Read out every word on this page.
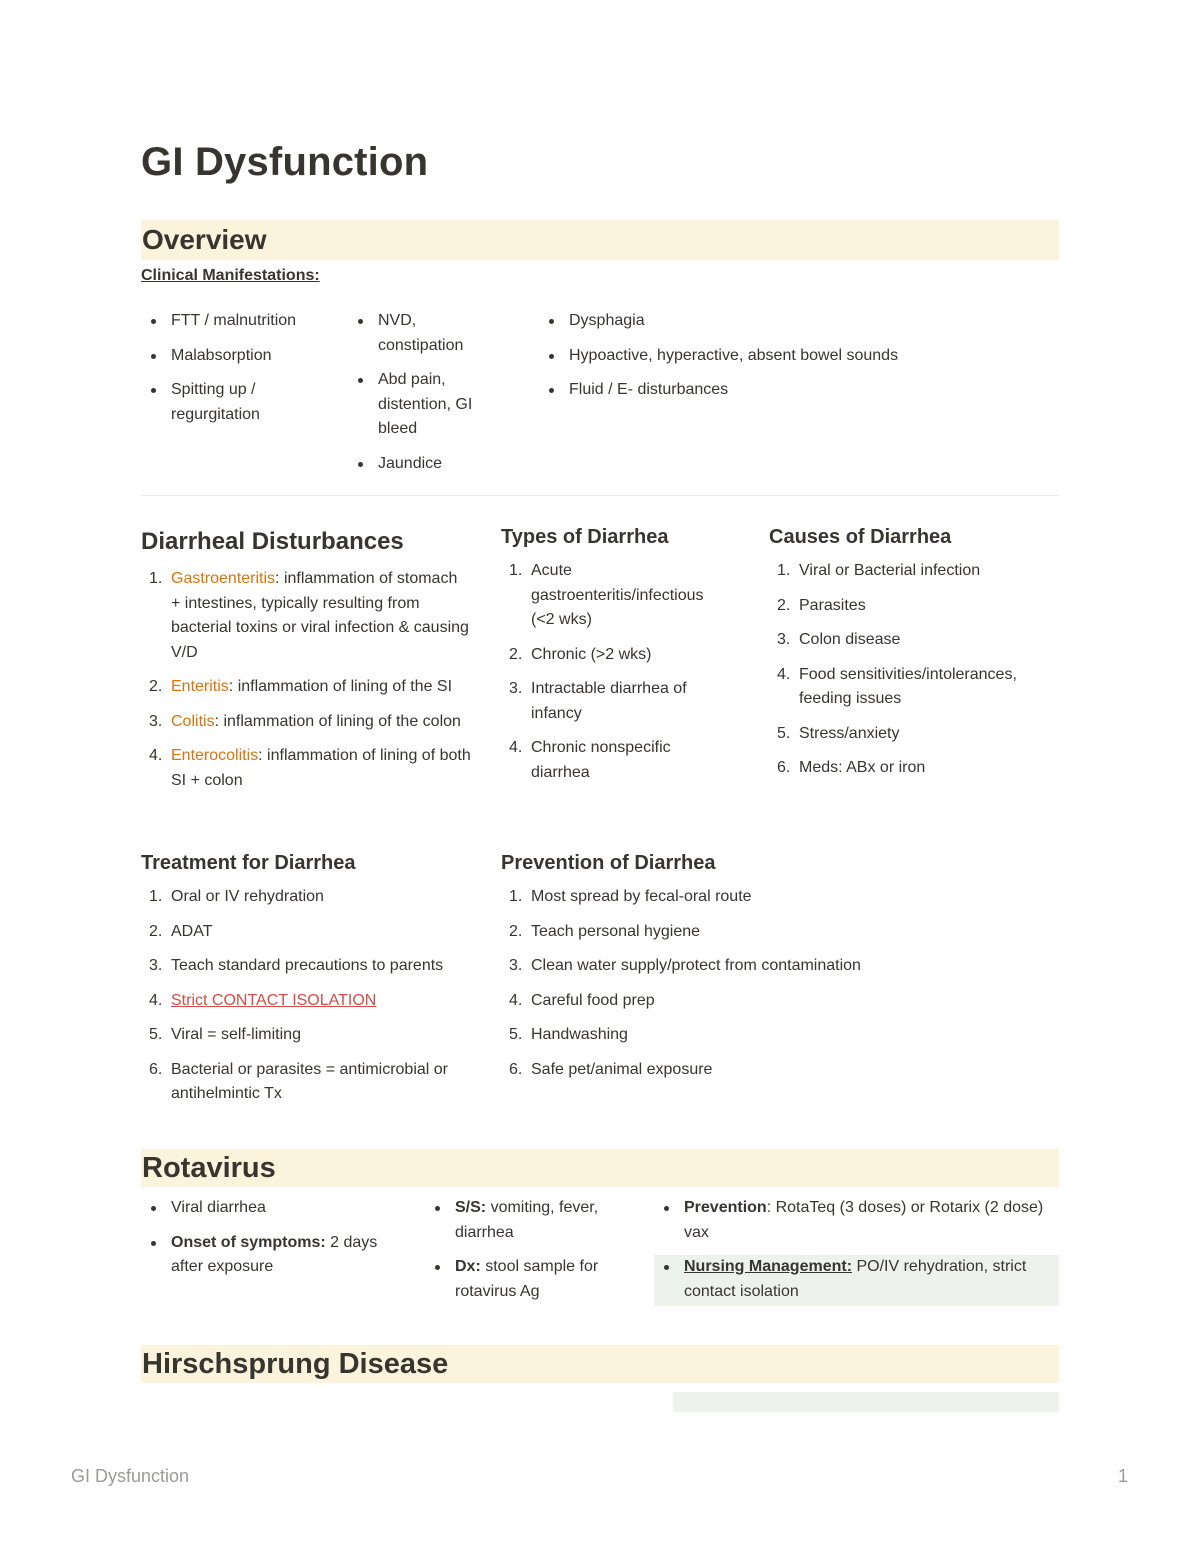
GI Dysfunction
Overview
Clinical Manifestations:
FTT / malnutrition
Malabsorption
Spitting up / regurgitation
NVD, constipation
Abd pain, distention, GI bleed
Jaundice
Dysphagia
Hypoactive, hyperactive, absent bowel sounds
Fluid / E- disturbances
Diarrheal Disturbances
1. Gastroenteritis: inflammation of stomach + intestines, typically resulting from bacterial toxins or viral infection & causing V/D
2. Enteritis: inflammation of lining of the SI
3. Colitis: inflammation of lining of the colon
4. Enterocolitis: inflammation of lining of both SI + colon
Types of Diarrhea
1. Acute gastroenteritis/infectious (<2 wks)
2. Chronic (>2 wks)
3. Intractable diarrhea of infancy
4. Chronic nonspecific diarrhea
Causes of Diarrhea
1. Viral or Bacterial infection
2. Parasites
3. Colon disease
4. Food sensitivities/intolerances, feeding issues
5. Stress/anxiety
6. Meds: ABx or iron
Treatment for Diarrhea
1. Oral or IV rehydration
2. ADAT
3. Teach standard precautions to parents
4. Strict CONTACT ISOLATION
5. Viral = self-limiting
6. Bacterial or parasites = antimicrobial or antihelmintic Tx
Prevention of Diarrhea
1. Most spread by fecal-oral route
2. Teach personal hygiene
3. Clean water supply/protect from contamination
4. Careful food prep
5. Handwashing
6. Safe pet/animal exposure
Rotavirus
Viral diarrhea
Onset of symptoms: 2 days after exposure
S/S: vomiting, fever, diarrhea
Dx: stool sample for rotavirus Ag
Prevention: RotaTeq (3 doses) or Rotarix (2 dose) vax
Nursing Management: PO/IV rehydration, strict contact isolation
Hirschsprung Disease
GI Dysfunction	1
